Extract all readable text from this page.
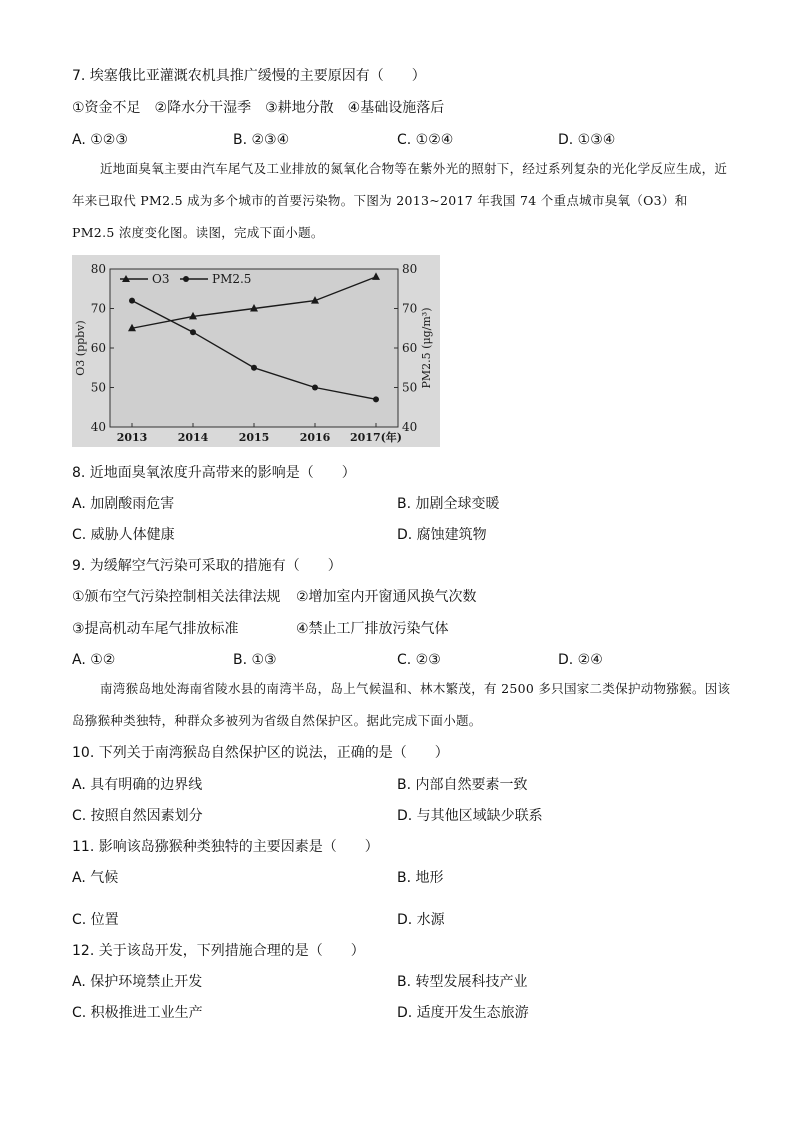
7. 埃塞俄比亚灌溉农机具推广缓慢的主要原因有（　　）
①资金不足　②降水分干湿季　③耕地分散　④基础设施落后
A. ①②③	B. ②③④	C. ①②④	D. ①③④
近地面臭氧主要由汽车尾气及工业排放的氮氧化合物等在紫外光的照射下，经过系列复杂的光化学反应生成，近年来已取代 PM2.5 成为多个城市的首要污染物。下图为 2013~2017 年我国 74 个重点城市臭氧（O3）和 PM2.5 浓度变化图。读图，完成下面小题。
40
50
60
70
80
40
50
60
70
80
2013	2014	2015	2016 2017(年)
O3	PM2.5
O3 (ppbv)	PM2.5 (μg/m³)
8. 近地面臭氧浓度升高带来的影响是（　　）
A. 加剧酸雨危害	B. 加剧全球变暖
C. 威胁人体健康	D. 腐蚀建筑物
9. 为缓解空气污染可采取的措施有（　　）
①颁布空气污染控制相关法律法规 ②增加室内开窗通风换气次数
③提高机动车尾气排放标准	④禁止工厂排放污染气体
A. ①②	B. ①③	C. ②③	D. ②④
南湾猴岛地处海南省陵水县的南湾半岛，岛上气候温和、林木繁茂，有 2500 多只国家二类保护动物猕猴。因该岛猕猴种类独特，种群众多被列为省级自然保护区。据此完成下面小题。
10. 下列关于南湾猴岛自然保护区的说法，正确的是（　　）
A. 具有明确的边界线	B. 内部自然要素一致
C. 按照自然因素划分	D. 与其他区域缺少联系
11. 影响该岛猕猴种类独特的主要因素是（　　）
A. 气候	B. 地形
C. 位置	D. 水源
12. 关于该岛开发，下列措施合理的是（　　）
A. 保护环境禁止开发	B. 转型发展科技产业
C. 积极推进工业生产	D. 适度开发生态旅游
